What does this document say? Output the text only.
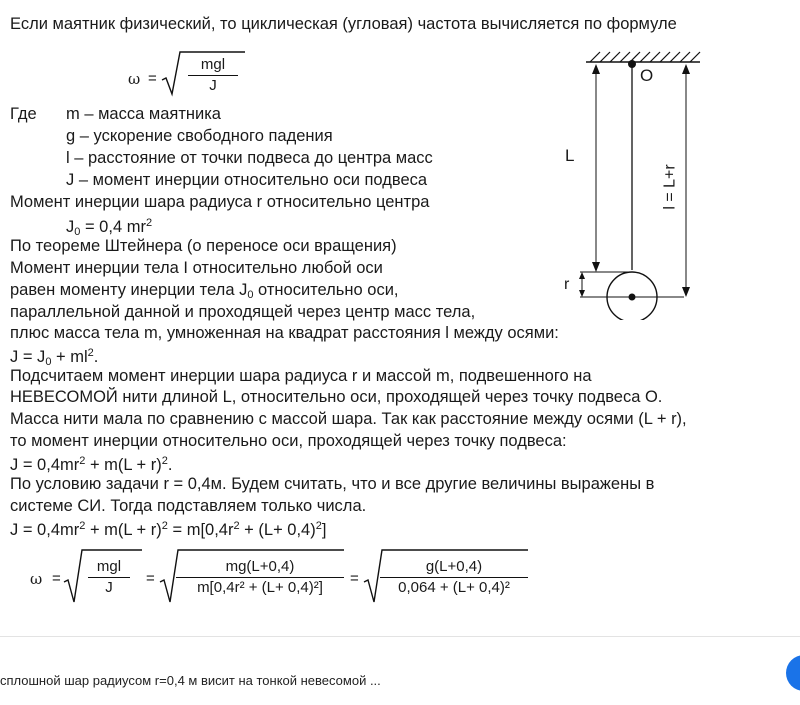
Если маятник физический, то циклическая (угловая) частота вычисляется по формуле
ω =
mgl
J
Где m – масса маятника
g – ускорение свободного падения
l – расстояние от точки подвеса до центра масс
J – момент инерции относительно оси подвеса
Момент инерции шара радиуса r относительно центра
$J_0 = 0,4$ $mr^2$
По теореме Штейнера (о переносе оси вращения)
Момент инерции тела I относительно любой оси
равен моменту инерции тела $J_0$ относительно оси,
параллельной данной и проходящей через центр масс тела,
плюс масса тела m, умноженная на квадрат расстояния l между осями:
$J = J_0 + ml^2$.
Подсчитаем момент инерции шара радиуса r и массой m, подвешенного на
НЕВЕСОМОЙ нити длиной L, относительно оси, проходящей через точку подвеса О.
Масса нити мала по сравнению с массой шара. Так как расстояние между осями (L + r),
то момент инерции относительно оси, проходящей через точку подвеса:
$J = 0,4mr^2 + m(L + r)^2$.
По условию задачи r = 0,4м. Будем считать, что и все другие величины выражены в
системе СИ. Тогда подставляем только числа.
$J = 0,4mr^2 + m(L + r)^2 = m[0,4r^2 + (L+ 0,4)^2]$
ω =
mgl
J
= $\frac{mg(L+0,4)}{\text{m[0,4r² + (L+ 0,4)²]}} = \frac{g(L+0,4)}{\text{0,064 + (L+ 0,4)²}}$
O
L
r
l = L+r
сплошной шар радиусом r=0,4 м висит на тонкой невесомой ...
